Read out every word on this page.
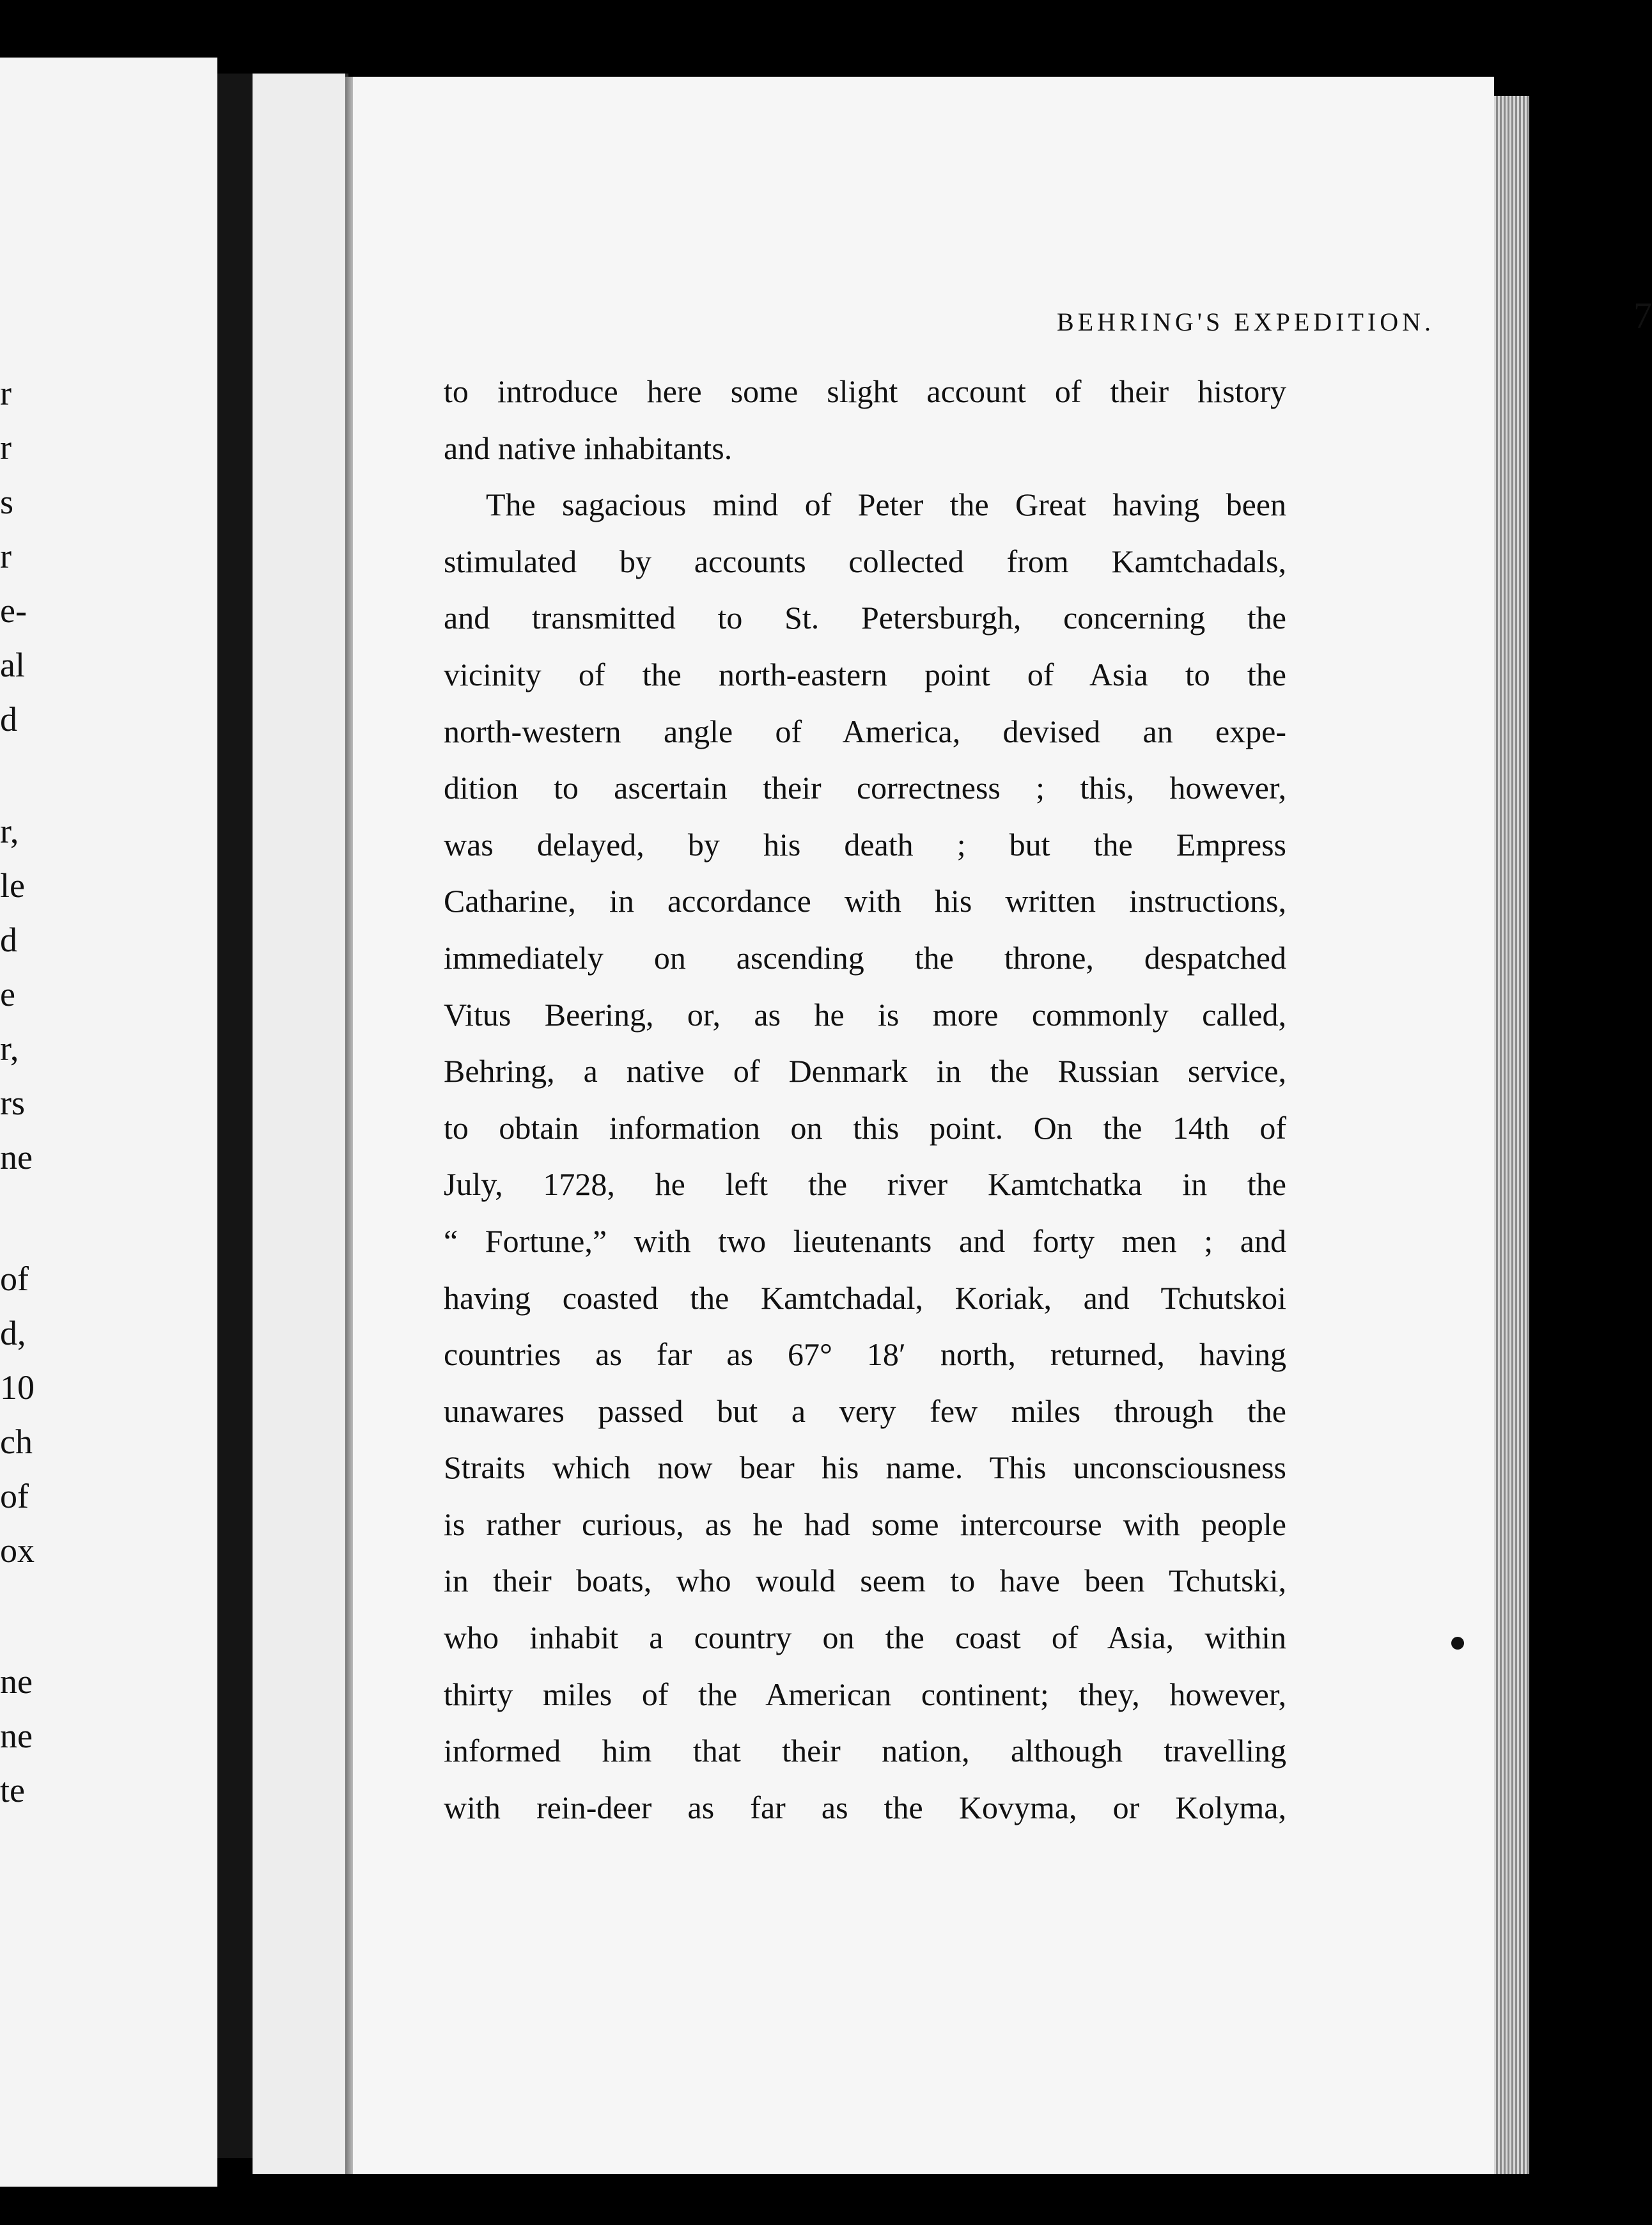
r
r
s
r
e-
al
d
r,
le
d
e
r,
rs
ne
of
d,
10
ch
of
ox
ne
ne
te
BEHRING'S EXPEDITION.	7
to introduce here some slight account of their history
and native inhabitants.
The sagacious mind of Peter the Great having been
stimulated by accounts collected from Kamtchadals,
and transmitted to St. Petersburgh, concerning the
vicinity of the north-eastern point of Asia to the
north-western angle of America, devised an expe-
dition to ascertain their correctness ; this, however,
was delayed, by his death ; but the Empress
Catharine, in accordance with his written instructions,
immediately on ascending the throne, despatched
Vitus Beering, or, as he is more commonly called,
Behring, a native of Denmark in the Russian service,
to obtain information on this point. On the 14th of
July, 1728, he left the river Kamtchatka in the
“ Fortune,” with two lieutenants and forty men ; and
having coasted the Kamtchadal, Koriak, and Tchutskoi
countries as far as 67° 18′ north, returned, having
unawares passed but a very few miles through the
Straits which now bear his name. This unconsciousness
is rather curious, as he had some intercourse with people
in their boats, who would seem to have been Tchutski,
who inhabit a country on the coast of Asia, within
thirty miles of the American continent; they, however,
informed him that their nation, although travelling
with rein-deer as far as the Kovyma, or Kolyma,
